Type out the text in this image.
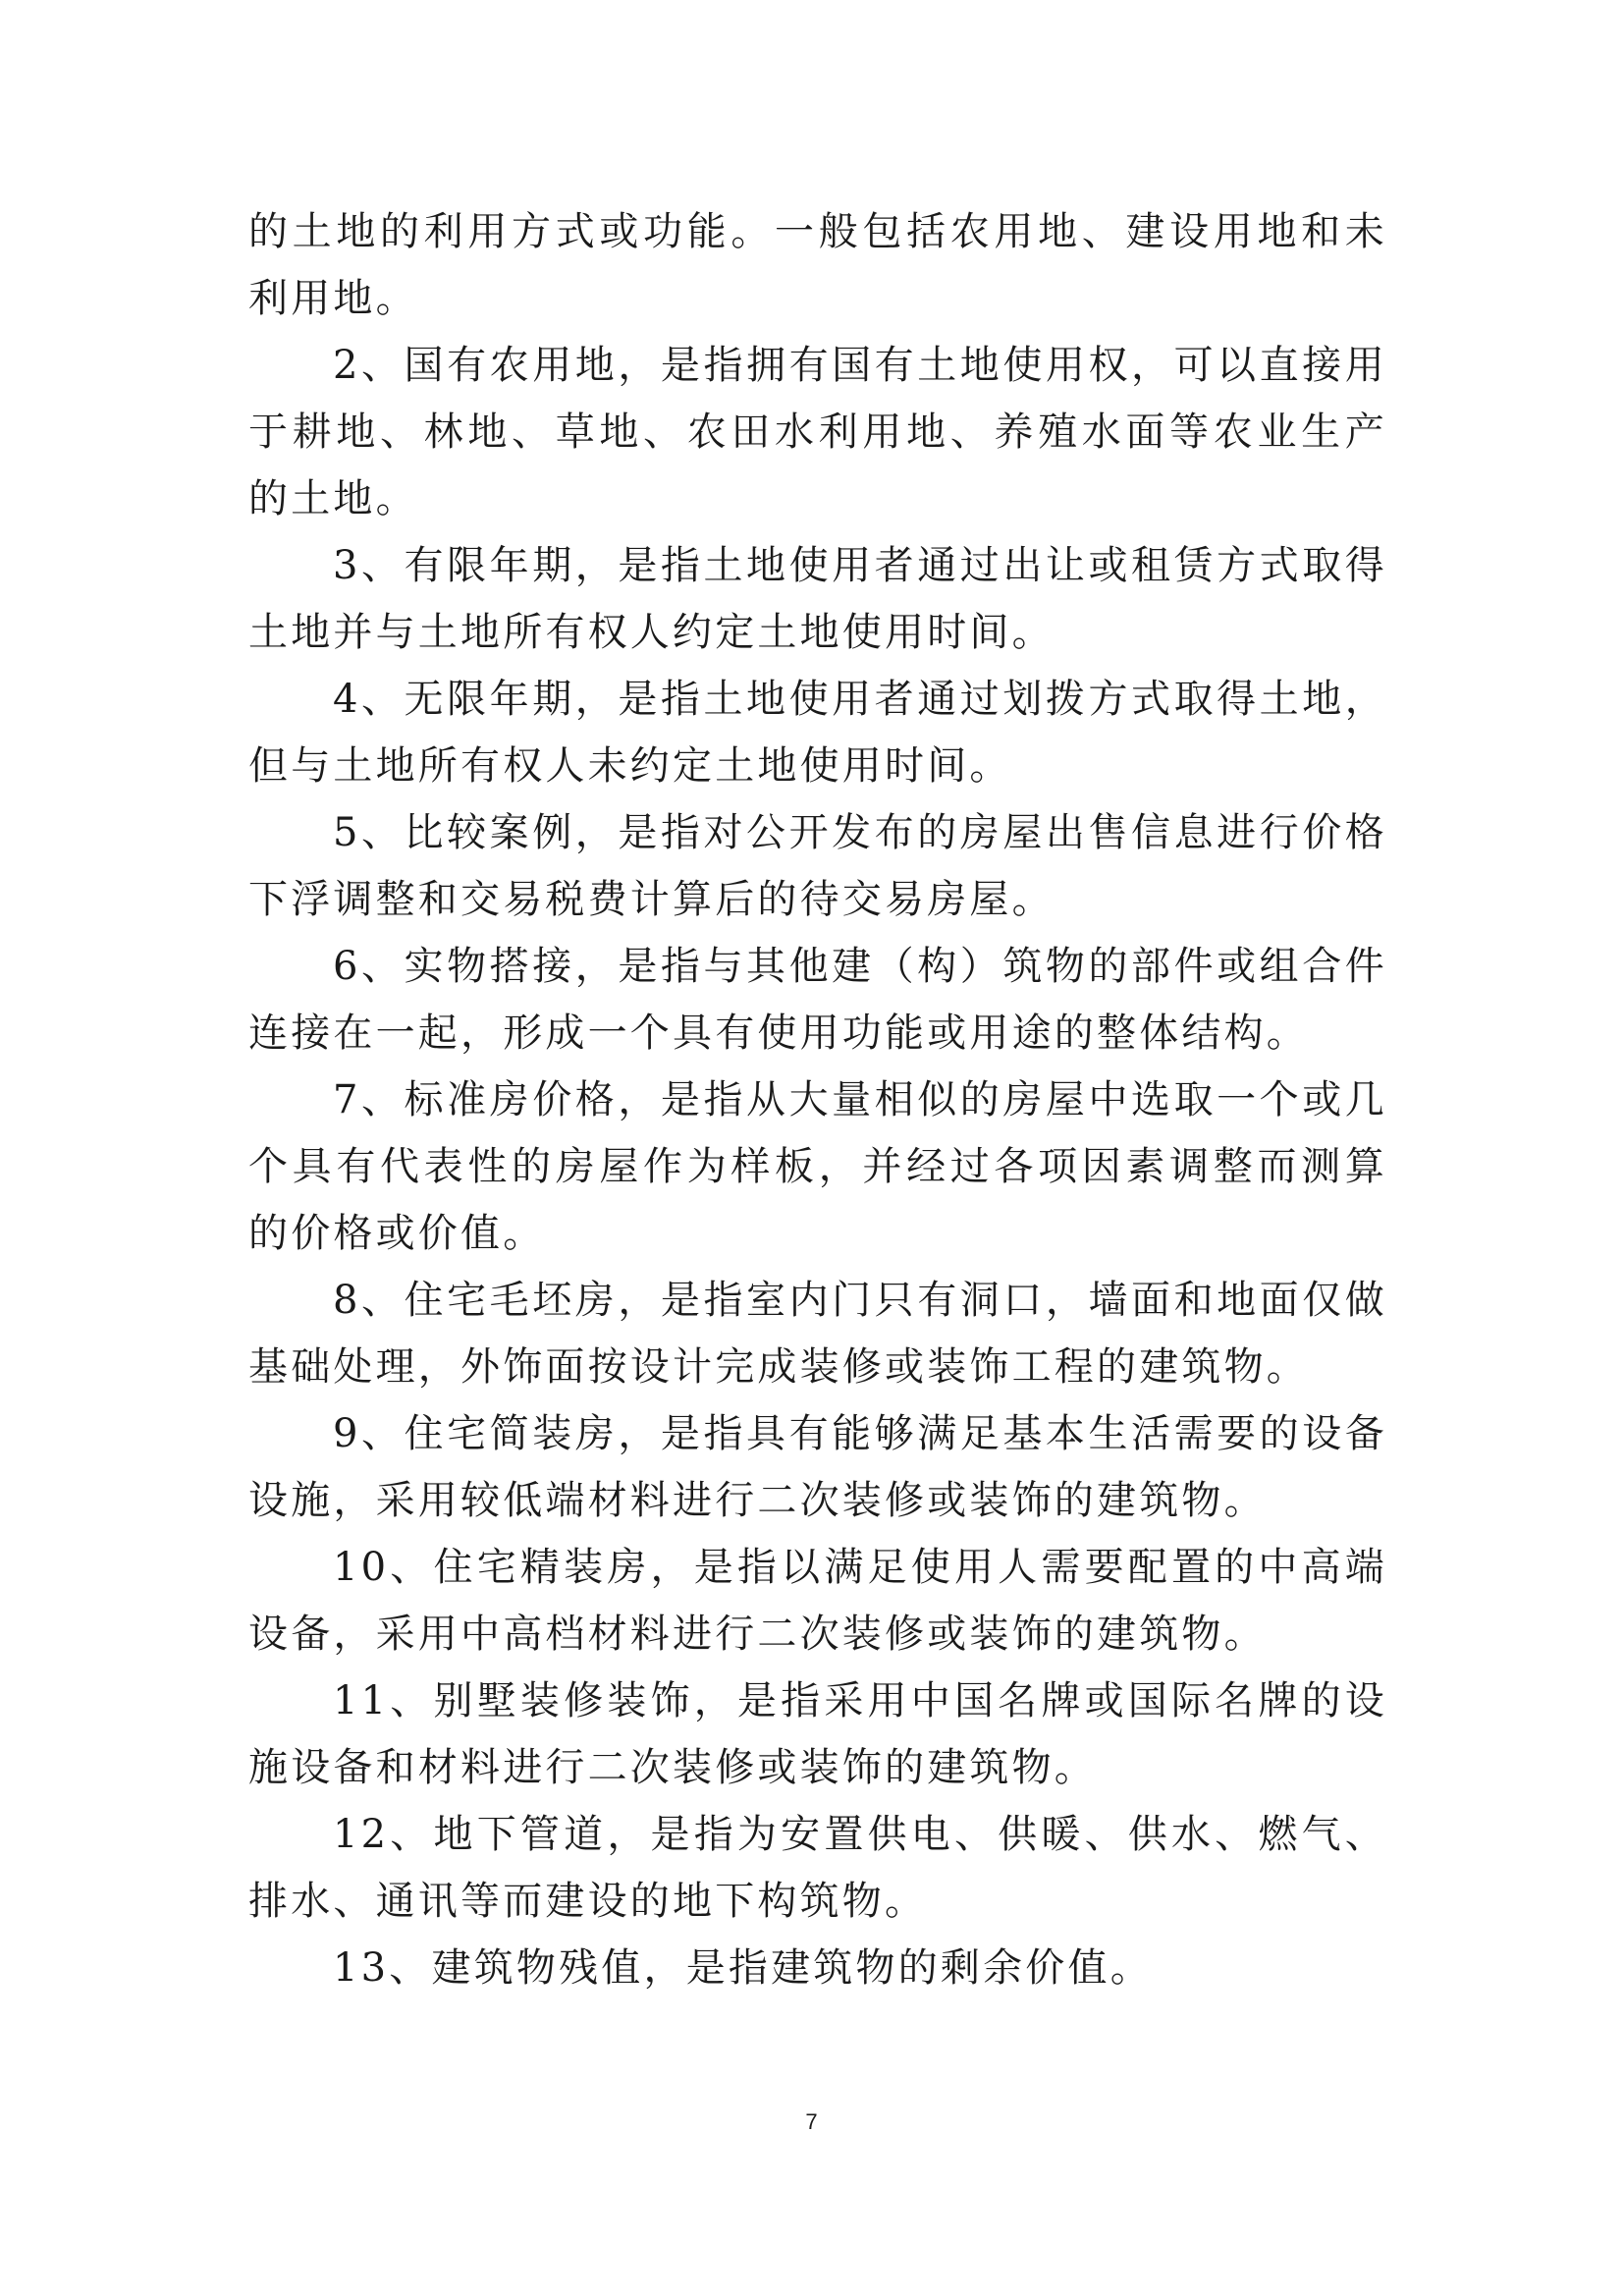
的土地的利用方式或功能。一般包括农用地、建设用地和未利用地。

2、国有农用地，是指拥有国有土地使用权，可以直接用于耕地、林地、草地、农田水利用地、养殖水面等农业生产的土地。

3、有限年期，是指土地使用者通过出让或租赁方式取得土地并与土地所有权人约定土地使用时间。

4、无限年期，是指土地使用者通过划拨方式取得土地，但与土地所有权人未约定土地使用时间。

5、比较案例，是指对公开发布的房屋出售信息进行价格下浮调整和交易税费计算后的待交易房屋。

6、实物搭接，是指与其他建（构）筑物的部件或组合件连接在一起，形成一个具有使用功能或用途的整体结构。

7、标准房价格，是指从大量相似的房屋中选取一个或几个具有代表性的房屋作为样板，并经过各项因素调整而测算的价格或价值。

8、住宅毛坯房，是指室内门只有洞口，墙面和地面仅做基础处理，外饰面按设计完成装修或装饰工程的建筑物。

9、住宅简装房，是指具有能够满足基本生活需要的设备设施，采用较低端材料进行二次装修或装饰的建筑物。

10、住宅精装房，是指以满足使用人需要配置的中高端设备，采用中高档材料进行二次装修或装饰的建筑物。

11、别墅装修装饰，是指采用中国名牌或国际名牌的设施设备和材料进行二次装修或装饰的建筑物。

12、地下管道，是指为安置供电、供暖、供水、燃气、排水、通讯等而建设的地下构筑物。

13、建筑物残值，是指建筑物的剩余价值。

7
